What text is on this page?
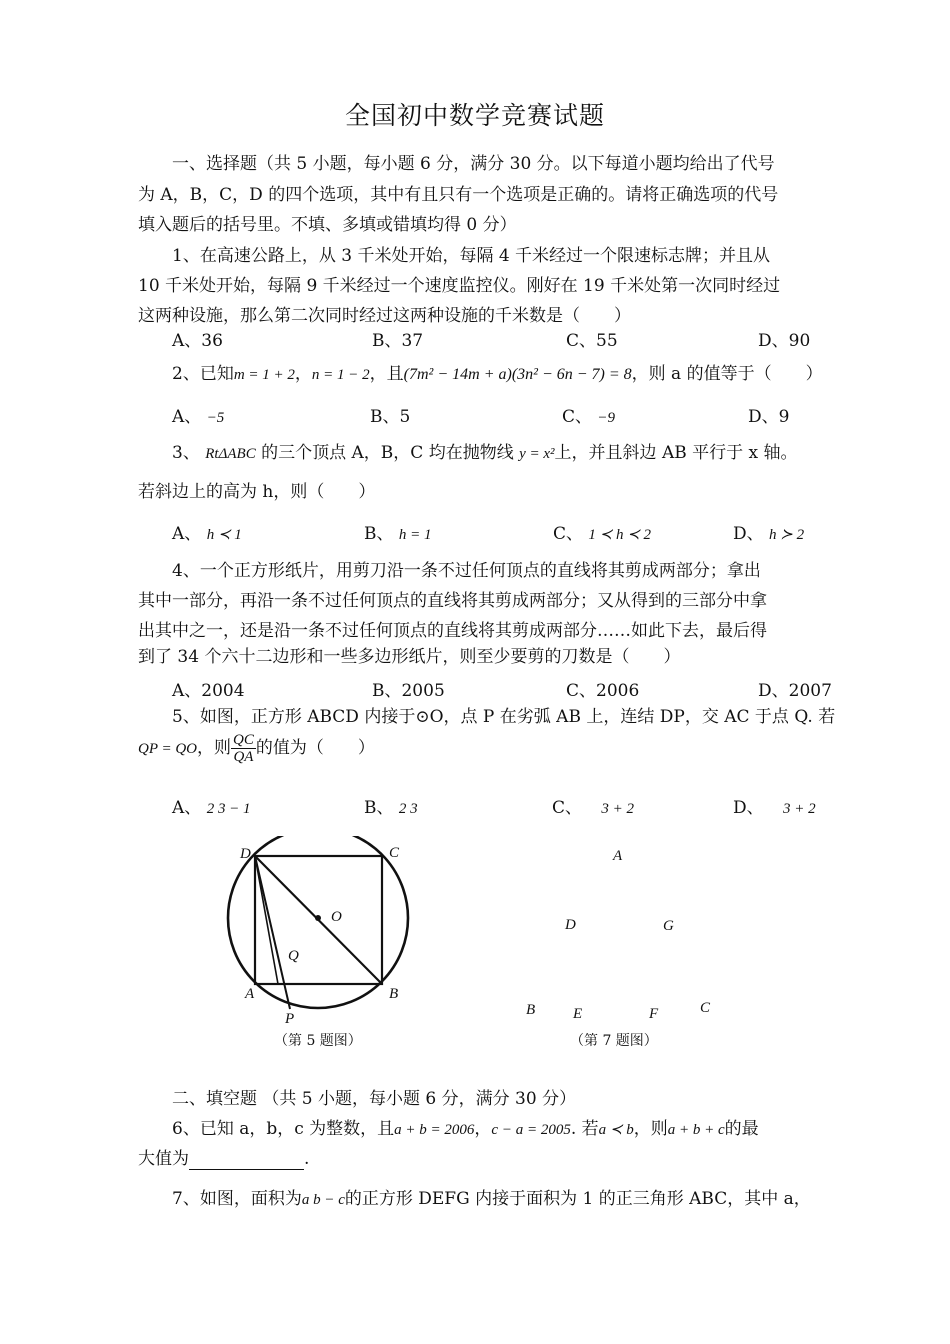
全国初中数学竞赛试题
一、选择题（共 5 小题，每小题 6 分，满分 30 分。以下每道小题均给出了代号
为 A，B，C，D 的四个选项，其中有且只有一个选项是正确的。请将正确选项的代号
填入题后的括号里。不填、多填或错填均得 0 分）
1、在高速公路上，从 3 千米处开始，每隔 4 千米经过一个限速标志牌；并且从
10 千米处开始，每隔 9 千米经过一个速度监控仪。刚好在 19 千米处第一次同时经过
这两种设施，那么第二次同时经过这两种设施的千米数是（　　）
A、36	B、37	C、55	D、90
2、已知m = 1 + 2，n = 1 − 2，且(7m² − 14m + a)(3n² − 6n − 7) = 8，则 a 的值等于（　　）
A、 −5	B、5	C、 −9	D、9
3、 RtΔABC 的三个顶点 A，B，C 均在抛物线 y = x²上，并且斜边 AB 平行于 x 轴。
若斜边上的高为 h，则（　　）
A、 h ≺ 1	B、 h = 1	C、 1 ≺ h ≺ 2	D、 h ≻ 2
4、一个正方形纸片，用剪刀沿一条不过任何顶点的直线将其剪成两部分；拿出
其中一部分，再沿一条不过任何顶点的直线将其剪成两部分；又从得到的三部分中拿
出其中之一，还是沿一条不过任何顶点的直线将其剪成两部分……如此下去，最后得
到了 34 个六十二边形和一些多边形纸片，则至少要剪的刀数是（　　）
A、2004	B、2005	C、2006	D、2007
5、如图，正方形 ABCD 内接于⊙O，点 P 在劣弧 AB 上，连结 DP，交 AC 于点 Q. 若
QP = QO，则 $\frac{QC}{QA}$ 的值为（　　）
A、 2 3 − 1	B、 2 3	C、 3 + 2	D、 3 + 2
D	C
O
Q
A	B
P
（第 5 题图）
A
D	G
B	E	F	C
（第 7 题图）
二、填空题 （共 5 小题，每小题 6 分，满分 30 分）
6、已知 a，b，c 为整数，且a + b = 2006，c − a = 2005. 若a ≺ b，则a + b + c的最
大值为	.
7、如图，面积为a b − c的正方形 DEFG 内接于面积为 1 的正三角形 ABC，其中 a，
